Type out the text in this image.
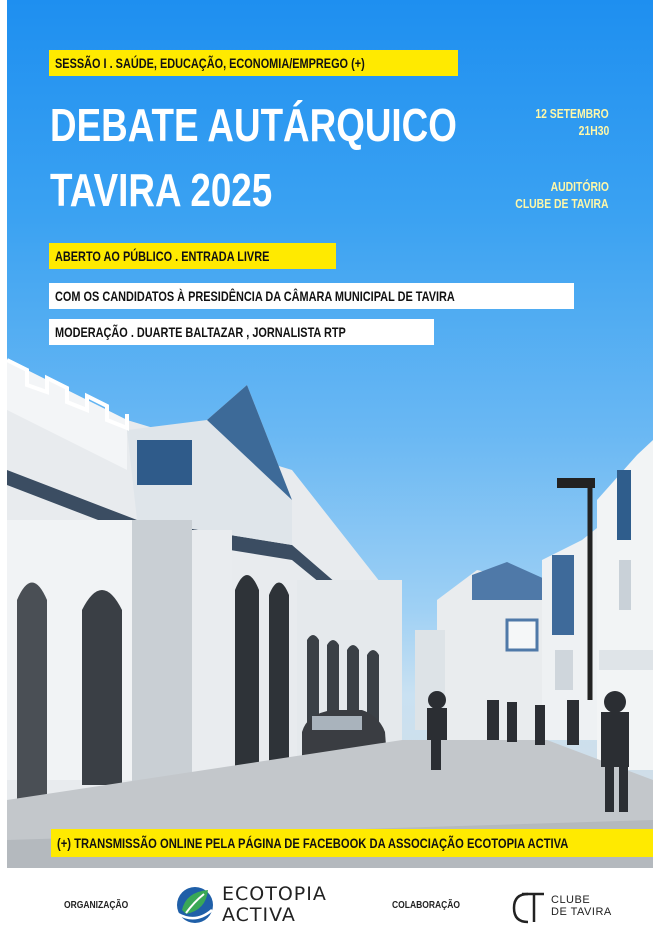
SESSÃO I . SAÚDE, EDUCAÇÃO, ECONOMIA/EMPREGO (+)
DEBATE AUTÁRQUICO
TAVIRA 2025
12 SETEMBRO
21H30
AUDITÓRIO
CLUBE DE TAVIRA
ABERTO AO PÚBLICO . ENTRADA LIVRE
COM OS CANDIDATOS À PRESIDÊNCIA DA CÂMARA MUNICIPAL DE TAVIRA
MODERAÇÃO . DUARTE BALTAZAR , JORNALISTA RTP
(+) TRANSMISSÃO ONLINE PELA PÁGINA DE FACEBOOK DA ASSOCIAÇÃO ECOTOPIA ACTIVA
ORGANIZAÇÃO
ECOTOPIA
ACTIVA	COLABORAÇÃO	CLUBE
DE TAVIRA
